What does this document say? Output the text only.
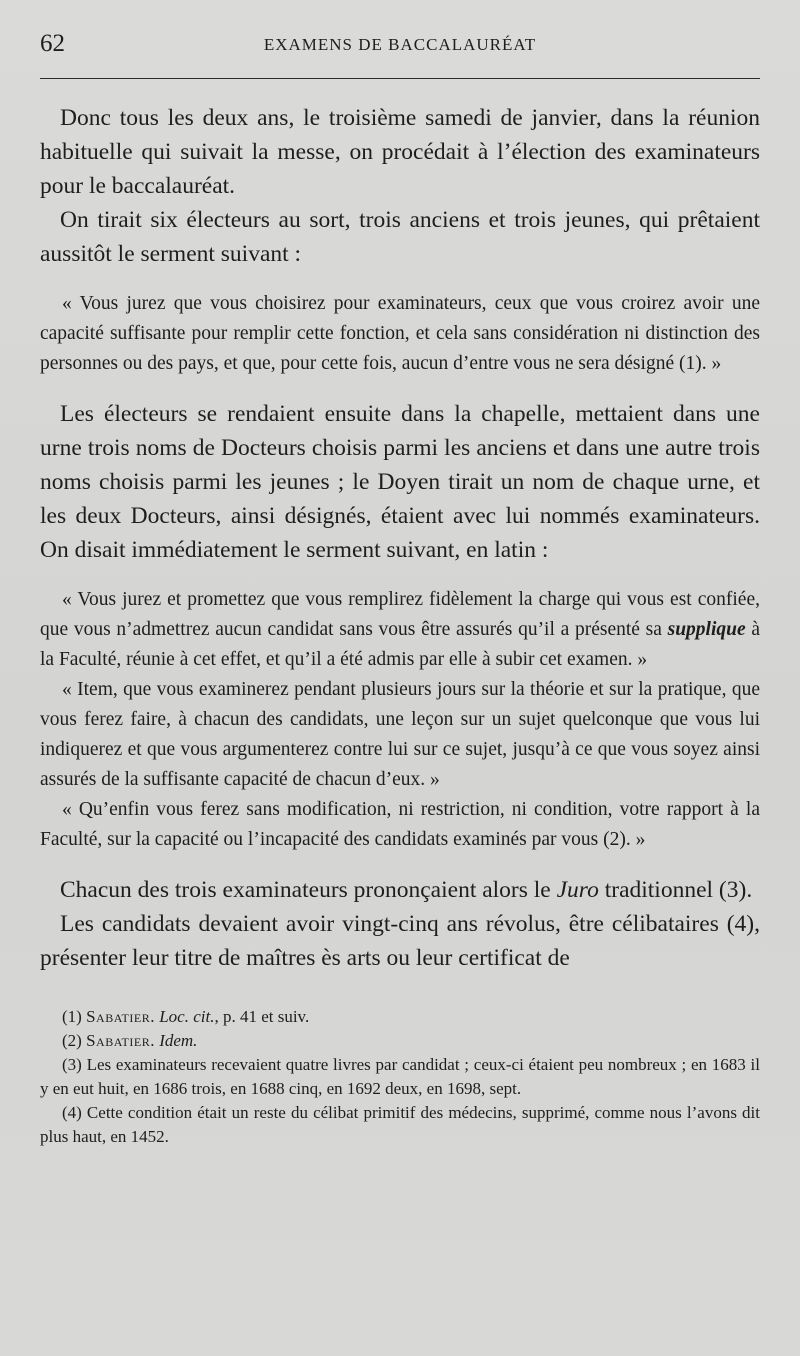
62	EXAMENS DE BACCALAURÉAT

Donc tous les deux ans, le troisième samedi de janvier, dans la réunion habituelle qui suivait la messe, on procédait à l’élection des examinateurs pour le baccalauréat.

On tirait six électeurs au sort, trois anciens et trois jeunes, qui prêtaient aussitôt le serment suivant :

« Vous jurez que vous choisirez pour examinateurs, ceux que vous croirez avoir une capacité suffisante pour remplir cette fonction, et cela sans considération ni distinction des personnes ou des pays, et que, pour cette fois, aucun d’entre vous ne sera désigné (1). »

Les électeurs se rendaient ensuite dans la chapelle, mettaient dans une urne trois noms de Docteurs choisis parmi les anciens et dans une autre trois noms choisis parmi les jeunes ; le Doyen tirait un nom de chaque urne, et les deux Docteurs, ainsi désignés, étaient avec lui nommés examinateurs. On disait immédiatement le serment suivant, en latin :

« Vous jurez et promettez que vous remplirez fidèlement la charge qui vous est confiée, que vous n’admettrez aucun candidat sans vous être assurés qu’il a présenté sa supplique à la Faculté, réunie à cet effet, et qu’il a été admis par elle à subir cet examen. »

« Item, que vous examinerez pendant plusieurs jours sur la théorie et sur la pratique, que vous ferez faire, à chacun des candidats, une leçon sur un sujet quelconque que vous lui indiquerez et que vous argumenterez contre lui sur ce sujet, jusqu’à ce que vous soyez ainsi assurés de la suffisante capacité de chacun d’eux. »

« Qu’enfin vous ferez sans modification, ni restriction, ni condition, votre rapport à la Faculté, sur la capacité ou l’incapacité des candidats examinés par vous (2). »

Chacun des trois examinateurs prononçaient alors le Juro traditionnel (3).

Les candidats devaient avoir vingt-cinq ans révolus, être célibataires (4), présenter leur titre de maîtres ès arts ou leur certificat de

(1) Sabatier. Loc. cit., p. 41 et suiv.

(2) Sabatier. Idem.

(3) Les examinateurs recevaient quatre livres par candidat ; ceux-ci étaient peu nombreux ; en 1683 il y en eut huit, en 1686 trois, en 1688 cinq, en 1692 deux, en 1698, sept.

(4) Cette condition était un reste du célibat primitif des médecins, supprimé, comme nous l’avons dit plus haut, en 1452.
